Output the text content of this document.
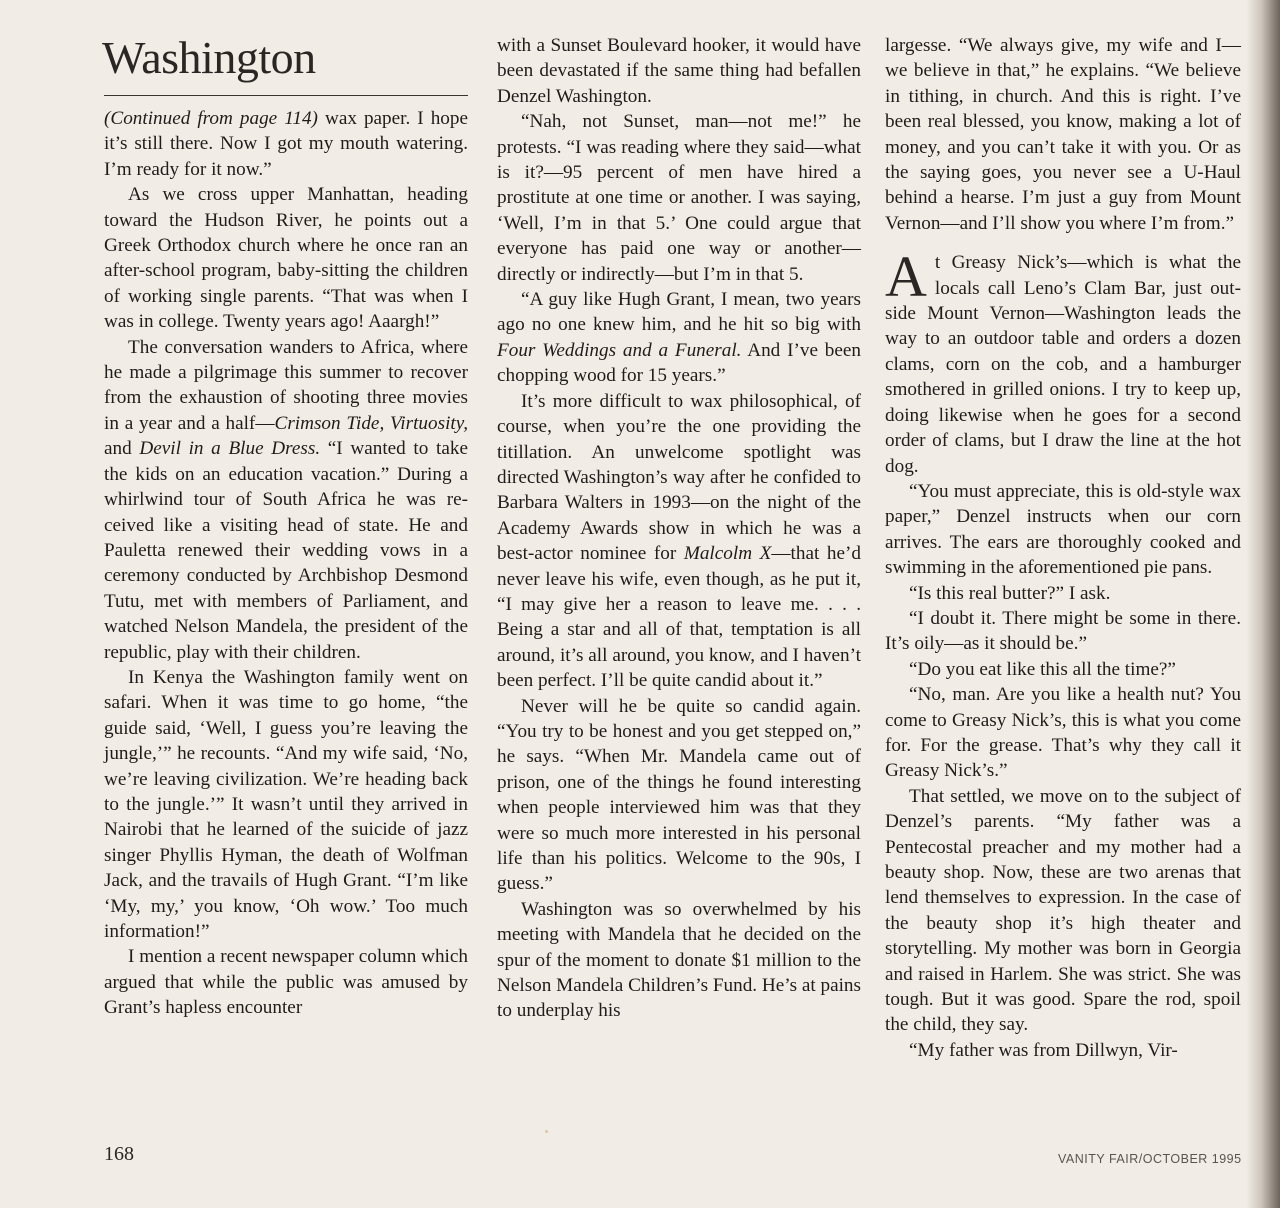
Washington

(Continued from page 114) wax paper. I hope it’s still there. Now I got my mouth watering. I’m ready for it now.”

As we cross upper Manhattan, heading toward the Hudson River, he points out a Greek Orthodox church where he once ran an after-school program, baby-sitting the children of working single parents. “That was when I was in college. Twenty years ago! Aaargh!”

The conversation wanders to Africa, where he made a pilgrimage this summer to recover from the exhaustion of shooting three movies in a year and a half—Crimson Tide, Virtuosity, and Devil in a Blue Dress. “I wanted to take the kids on an education vacation.” During a whirlwind tour of South Africa he was received like a visiting head of state. He and Pauletta renewed their wedding vows in a ceremony conducted by Archbishop Desmond Tutu, met with members of Parliament, and watched Nelson Mandela, the president of the republic, play with their children.

In Kenya the Washington family went on safari. When it was time to go home, “the guide said, ‘Well, I guess you’re leaving the jungle,’” he recounts. “And my wife said, ‘No, we’re leaving civilization. We’re heading back to the jungle.’” It wasn’t until they arrived in Nairobi that he learned of the suicide of jazz singer Phyllis Hyman, the death of Wolfman Jack, and the travails of Hugh Grant. “I’m like ‘My, my,’ you know, ‘Oh wow.’ Too much information!”

I mention a recent newspaper column which argued that while the public was amused by Grant’s hapless encounter

with a Sunset Boulevard hooker, it would have been devastated if the same thing had befallen Denzel Washington.

“Nah, not Sunset, man—not me!” he protests. “I was reading where they said—what is it?—95 percent of men have hired a prostitute at one time or another. I was saying, ‘Well, I’m in that 5.’ One could argue that everyone has paid one way or another—directly or indirectly—but I’m in that 5.

“A guy like Hugh Grant, I mean, two years ago no one knew him, and he hit so big with Four Weddings and a Funeral. And I’ve been chopping wood for 15 years.”

It’s more difficult to wax philosophical, of course, when you’re the one providing the titillation. An unwelcome spotlight was directed Washington’s way after he confided to Barbara Walters in 1993—on the night of the Academy Awards show in which he was a best-actor nominee for Malcolm X—that he’d never leave his wife, even though, as he put it, “I may give her a reason to leave me. . . . Being a star and all of that, temptation is all around, it’s all around, you know, and I haven’t been perfect. I’ll be quite candid about it.”

Never will he be quite so candid again. “You try to be honest and you get stepped on,” he says. “When Mr. Mandela came out of prison, one of the things he found interesting when people interviewed him was that they were so much more interested in his personal life than his politics. Welcome to the 90s, I guess.”

Washington was so overwhelmed by his meeting with Mandela that he decided on the spur of the moment to donate $1 million to the Nelson Mandela Children’s Fund. He’s at pains to underplay his

largesse. “We always give, my wife and I—we believe in that,” he explains. “We believe in tithing, in church. And this is right. I’ve been real blessed, you know, making a lot of money, and you can’t take it with you. Or as the saying goes, you never see a U-Haul behind a hearse. I’m just a guy from Mount Vernon—and I’ll show you where I’m from.”

At Greasy Nick’s—which is what the locals call Leno’s Clam Bar, just outside Mount Vernon—Washington leads the way to an outdoor table and orders a dozen clams, corn on the cob, and a hamburger smothered in grilled onions. I try to keep up, doing likewise when he goes for a second order of clams, but I draw the line at the hot dog.

“You must appreciate, this is old-style wax paper,” Denzel instructs when our corn arrives. The ears are thoroughly cooked and swimming in the aforementioned pie pans.

“Is this real butter?” I ask.

“I doubt it. There might be some in there. It’s oily—as it should be.”

“Do you eat like this all the time?”

“No, man. Are you like a health nut? You come to Greasy Nick’s, this is what you come for. For the grease. That’s why they call it Greasy Nick’s.”

That settled, we move on to the subject of Denzel’s parents. “My father was a Pentecostal preacher and my mother had a beauty shop. Now, these are two arenas that lend themselves to expression. In the case of the beauty shop it’s high theater and storytelling. My mother was born in Georgia and raised in Harlem. She was strict. She was tough. But it was good. Spare the rod, spoil the child, they say.

“My father was from Dillwyn, Vir-

168	VANITY FAIR/OCTOBER 1995
